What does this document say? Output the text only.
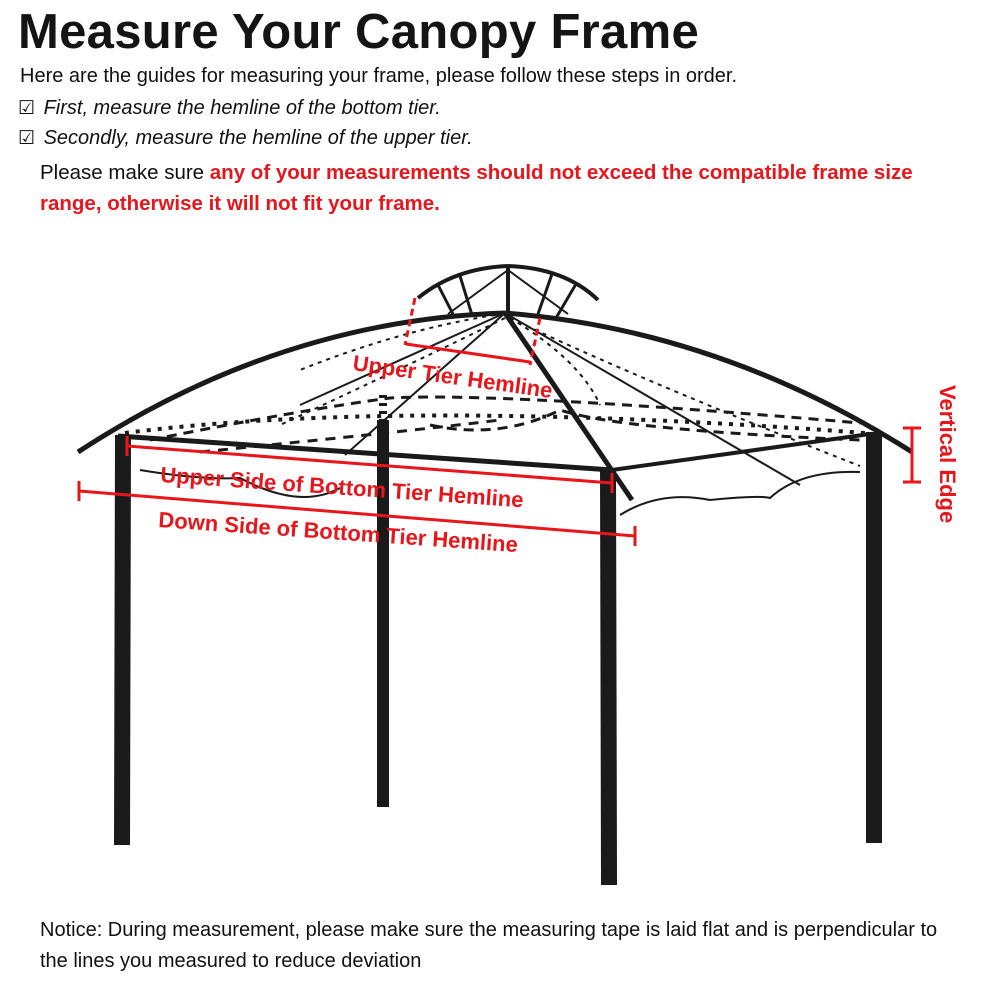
Measure Your Canopy Frame
Here are the guides for measuring your frame, please follow these steps in order.
☑ First, measure the hemline of the bottom tier.
☑ Secondly, measure the hemline of the upper tier.
Please make sure any of your measurements should not exceed the compatible frame size range, otherwise it will not fit your frame.
Upper Tier Hemline
Upper Side of Bottom Tier Hemline
Down Side of Bottom Tier Hemline
Vertical Edge
Notice: During measurement, please make sure the measuring tape is laid flat and is perpendicular to the lines you measured to reduce deviation
